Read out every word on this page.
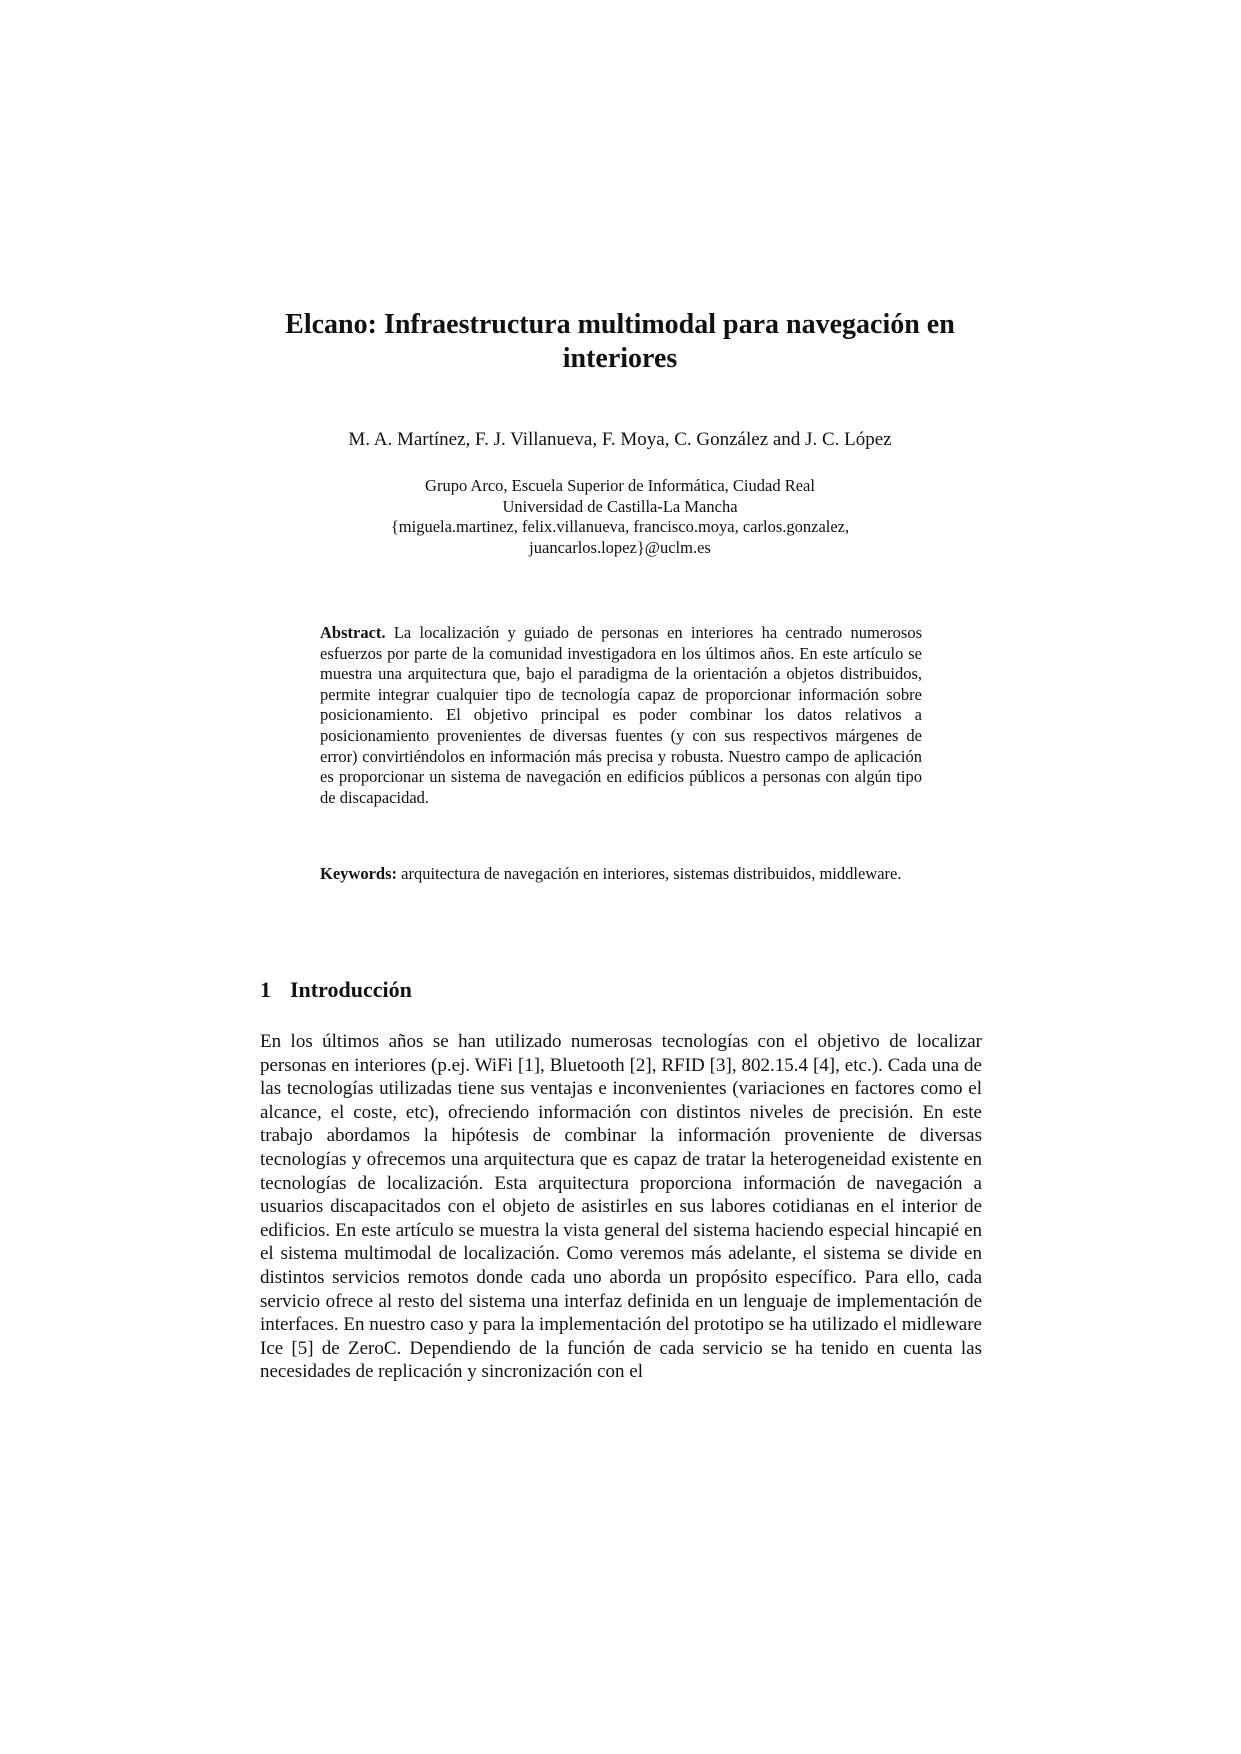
Elcano: Infraestructura multimodal para navegación en interiores

M. A. Martínez, F. J. Villanueva, F. Moya, C. González and J. C. López

Grupo Arco, Escuela Superior de Informática, Ciudad Real
Universidad de Castilla-La Mancha
{miguela.martinez, felix.villanueva, francisco.moya, carlos.gonzalez,
juancarlos.lopez}@uclm.es

Abstract. La localización y guiado de personas en interiores ha centrado numerosos esfuerzos por parte de la comunidad investigadora en los últimos años. En este artículo se muestra una arquitectura que, bajo el paradigma de la orientación a objetos distribuidos, permite integrar cualquier tipo de tecnología capaz de proporcionar información sobre posicionamiento. El objetivo principal es poder combinar los datos relativos a posicionamiento provenientes de diversas fuentes (y con sus respectivos márgenes de error) convirtiéndolos en información más precisa y robusta. Nuestro campo de aplicación es proporcionar un sistema de navegación en edificios públicos a personas con algún tipo de discapacidad.

Keywords: arquitectura de navegación en interiores, sistemas distribuidos, middleware.

1 Introducción

En los últimos años se han utilizado numerosas tecnologías con el objetivo de localizar personas en interiores (p.ej. WiFi [1], Bluetooth [2], RFID [3], 802.15.4 [4], etc.). Cada una de las tecnologías utilizadas tiene sus ventajas e inconvenientes (variaciones en factores como el alcance, el coste, etc), ofreciendo información con distintos niveles de precisión. En este trabajo abordamos la hipótesis de combinar la información proveniente de diversas tecnologías y ofrecemos una arquitectura que es capaz de tratar la heterogeneidad existente en tecnologías de localización. Esta arquitectura proporciona información de navegación a usuarios discapacitados con el objeto de asistirles en sus labores cotidianas en el interior de edificios. En este artículo se muestra la vista general del sistema haciendo especial hincapié en el sistema multimodal de localización. Como veremos más adelante, el sistema se divide en distintos servicios remotos donde cada uno aborda un propósito específico. Para ello, cada servicio ofrece al resto del sistema una interfaz definida en un lenguaje de implementación de interfaces. En nuestro caso y para la implementación del prototipo se ha utilizado el midleware Ice [5] de ZeroC. Dependiendo de la función de cada servicio se ha tenido en cuenta las necesidades de replicación y sincronización con el
